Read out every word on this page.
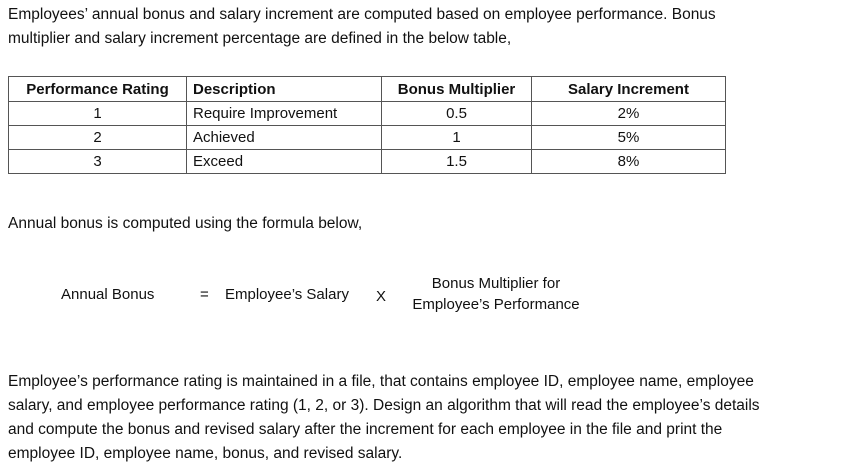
Employees’ annual bonus and salary increment are computed based on employee performance. Bonus
multiplier and salary increment percentage are defined in the below table,
Performance Rating	Description	Bonus Multiplier	Salary Increment
1	Require Improvement	0.5	2%
2	Achieved	1	5%
3	Exceed	1.5	8%
Annual bonus is computed using the formula below,
Annual Bonus	= Employee’s Salary X
Bonus Multiplier for
Employee’s Performance
Employee’s performance rating is maintained in a file, that contains employee ID, employee name, employee
salary, and employee performance rating (1, 2, or 3). Design an algorithm that will read the employee’s details
and compute the bonus and revised salary after the increment for each employee in the file and print the
employee ID, employee name, bonus, and revised salary.
